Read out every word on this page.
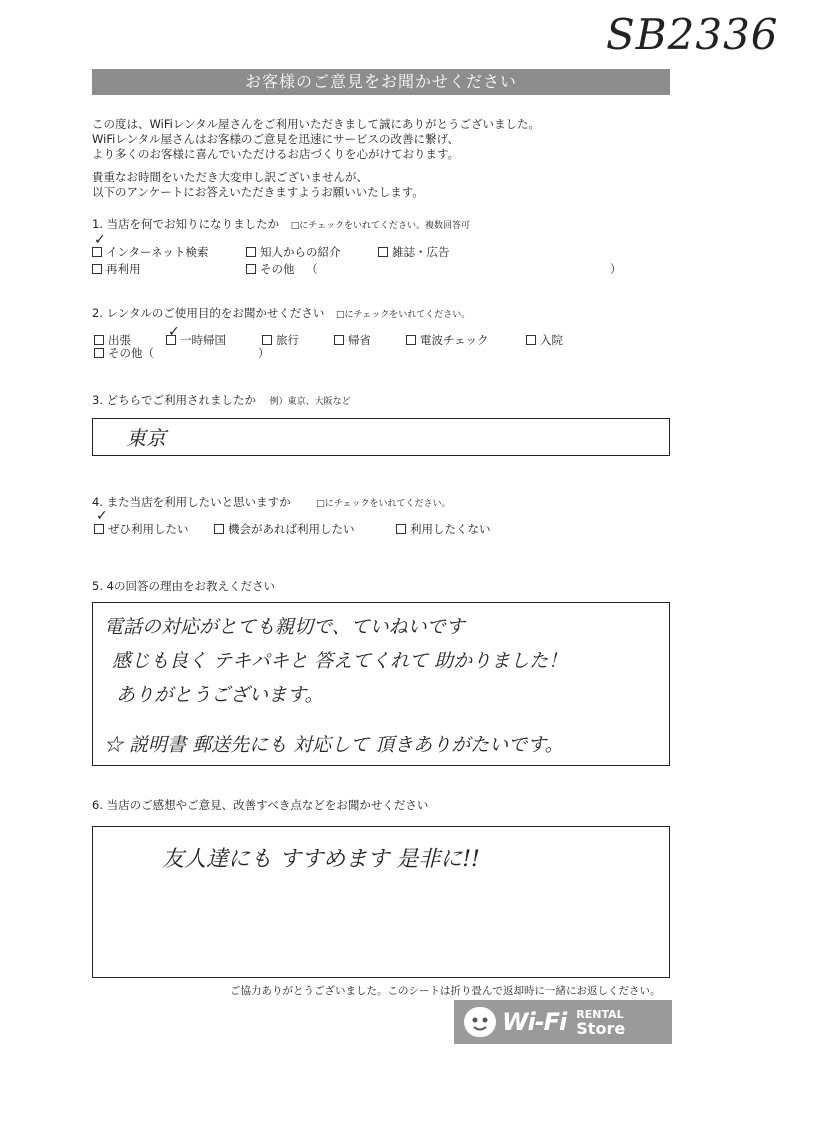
SB2336
お客様のご意見をお聞かせください
この度は、WiFiレンタル屋さんをご利用いただきまして誠にありがとうございました。
WiFiレンタル屋さんはお客様のご意見を迅速にサービスの改善に繋げ、
より多くのお客様に喜んでいただけるお店づくりを心がけております。
貴重なお時間をいただき大変申し訳ございませんが、
以下のアンケートにお答えいただきますようお願いいたします。
1. 当店を何でお知りになりましたか □にチェックをいれてください。複数回答可
✓
インターネット検索	知人からの紹介	雑誌・広告
再利用	その他 （	）
2. レンタルのご使用目的をお聞かせください □にチェックをいれてください。
出張	✓ 一時帰国	旅行	帰省	電波チェック	入院
その他（	）
3. どちらでご利用されましたか 例）東京、大阪など
東京
4. また当店を利用したいと思いますか	□にチェックをいれてください。
✓
ぜひ利用したい	機会があれば利用したい	利用したくない
5. 4の回答の理由をお教えください
電話の対応がとても親切で、ていねいです
感じも良く テキパキと 答えてくれて 助かりました！
ありがとうございます。
☆ 説明書 郵送先にも 対応して 頂きありがたいです。
6. 当店のご感想やご意見、改善すべき点などをお聞かせください
友人達にも すすめます 是非に!!
ご協力ありがとうございました。このシートは折り畳んで返却時に一緒にお返しください。
Wi-Fi RENTAL
Store
